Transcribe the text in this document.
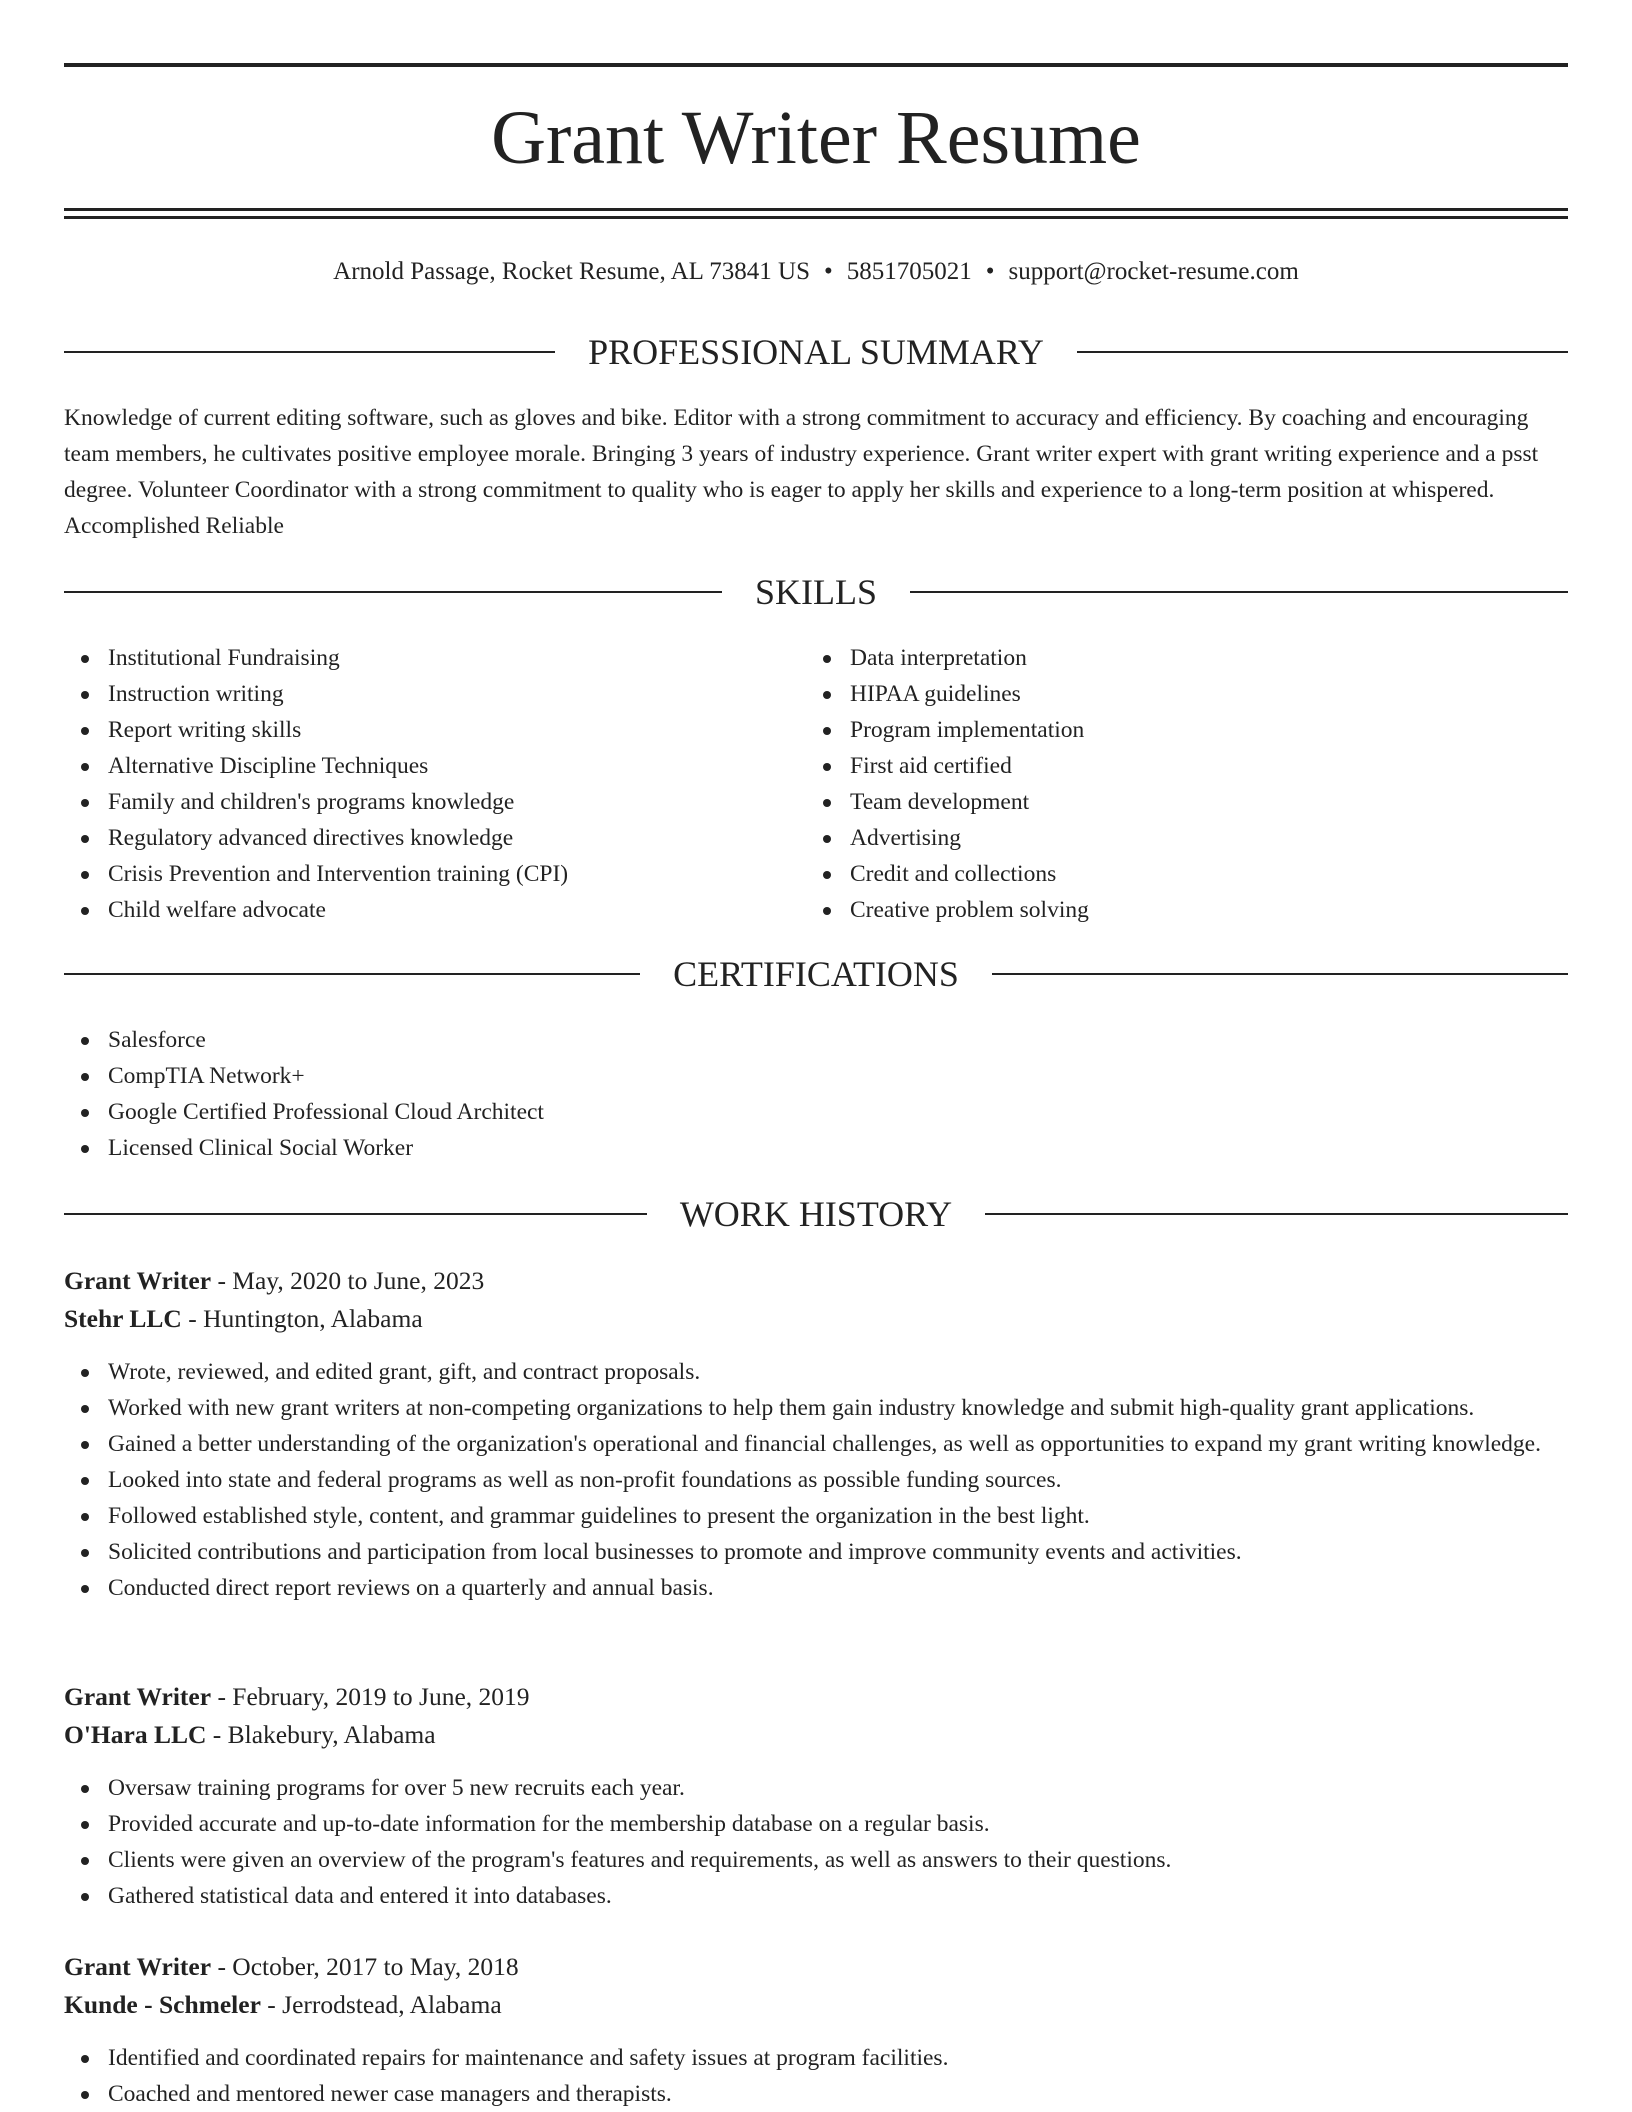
Grant Writer Resume
Arnold Passage, Rocket Resume, AL 73841 US • 5851705021 • support@rocket-resume.com
PROFESSIONAL SUMMARY

Knowledge of current editing software, such as gloves and bike. Editor with a strong commitment to accuracy and efficiency. By coaching and encouraging team members, he cultivates positive employee morale. Bringing 3 years of industry experience. Grant writer expert with grant writing experience and a psst degree. Volunteer Coordinator with a strong commitment to quality who is eager to apply her skills and experience to a long-term position at whispered. Accomplished Reliable

SKILLS
Institutional Fundraising
Instruction writing
Report writing skills
Alternative Discipline Techniques
Family and children's programs knowledge
Regulatory advanced directives knowledge
Crisis Prevention and Intervention training (CPI)
Child welfare advocate
Data interpretation
HIPAA guidelines
Program implementation
First aid certified
Team development
Advertising
Credit and collections
Creative problem solving
CERTIFICATIONS
Salesforce
CompTIA Network+
Google Certified Professional Cloud Architect
Licensed Clinical Social Worker
WORK HISTORY
Grant Writer - May, 2020 to June, 2023
Stehr LLC - Huntington, Alabama
Wrote, reviewed, and edited grant, gift, and contract proposals.
Worked with new grant writers at non-competing organizations to help them gain industry knowledge and submit high-quality grant applications.
Gained a better understanding of the organization's operational and financial challenges, as well as opportunities to expand my grant writing knowledge.
Looked into state and federal programs as well as non-profit foundations as possible funding sources.
Followed established style, content, and grammar guidelines to present the organization in the best light.
Solicited contributions and participation from local businesses to promote and improve community events and activities.
Conducted direct report reviews on a quarterly and annual basis.
Grant Writer - February, 2019 to June, 2019
O'Hara LLC - Blakebury, Alabama
Oversaw training programs for over 5 new recruits each year.
Provided accurate and up-to-date information for the membership database on a regular basis.
Clients were given an overview of the program's features and requirements, as well as answers to their questions.
Gathered statistical data and entered it into databases.
Grant Writer - October, 2017 to May, 2018
Kunde - Schmeler - Jerrodstead, Alabama
Identified and coordinated repairs for maintenance and safety issues at program facilities.
Coached and mentored newer case managers and therapists.
